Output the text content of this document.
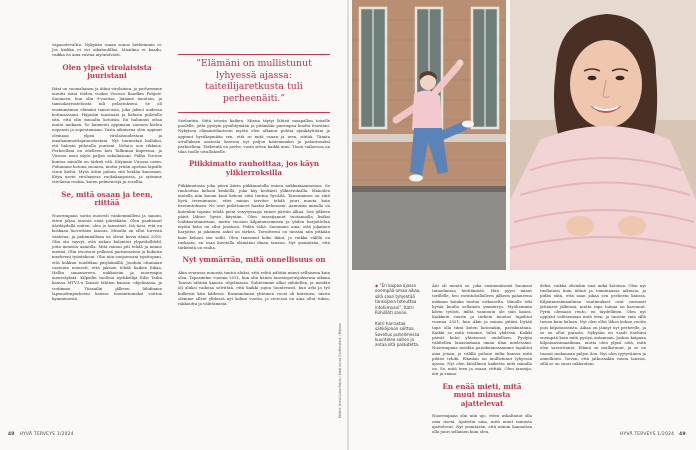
vapaaotevaltta. Nykyään osaan sanoa herkemmin ei. Jos kiekka ei ovi aikataulillisi. Maailma ei kaadu, vaikka en aina vastaa myöntävästi.

Olen ylpeä virolaisista juuristani

Itäni on suomalainen ja äitini virolainen, ja perheemme muutti isäni töiden vuoksi Virossa Baudkin Pohjois-Suomeen, kun olin 9-vuotias. Jäimme muutoin, ja tansiokarrusteluista tuli pelastukseni. Se oli ensimmäinen elämäni tanssi-asia, joka jaksoi uudessa kotimaassani. Häpeäin taustaani ja halusin piilotella sitä, että olin muualta kotoisin. En halunnut ottaa muita mukaan. Se kaimenti oppimaan suomen kielen nopeasti ja sopeutumaan. Vasta aikuisena olen oppinut olemaan ylpeä virolaisuudestani ja maahanmuuttajataustastani. Nyt tunnustan hulluksi, etä halusin piilotella juuriani. Neha'n oon rikkaus. Perheelläni on edelleen koti Tallinnan kupeessa, ja Virossa asuu myös paljon sukulaisiani. Pidän Virossa kuntoa minulla on tärkeä väli. Käymme Virossa usein. Puhumme kotona suomea, mutta yritän opettaa lapsille viron kieltä. Myös äitini puhuu sitä heidän kanssaan. Käyn usein virolaisissa ruokakaupoissa, ja syömme virolaisia ruokia, kuten pelmeneejä ja rosollia.

Se, mitä osaan ja teen, riittää

Nuorempana soitin monesti vanhemmilleni ja sanoin, etten jaksa tanssia enää päiväkään. Olen paahtanut ääritäydellä eniten, olen jo tanssinut. Isä tiesi, että en koskaan luovuttaisi tanssia. Minulla on ollut hirveän vaativaa, ja pahimmillaan ne olivat kovia ääniä 2018. Olin oin vayvyt, että nukun kalenteri ylipatdelldeld, jotta menisin aamulla. Mitä minun piti tehdä ja minne mennä. Olin ewoisuut pelkissä paritanssissa ja hukutin murheeni työntekoon. Olin niin suojaessani tsjattopani, että hukkun tuuditkan pärjäämällä. Jouduin ottamaan vastuuta monesti, että jaksoin tehdä kaiken liikaa. Hallin sanamoreen, nukkuisiin ja nuorempia menestyksiä. Kilpailin tuolloin nyrkkeilijä Edis Tailin kanssa MTV3:n Tanssii tähtien kanssa -ohjelmassa, ja voitimme. Tiiasailin jälkeen lähdimme lapsuudenperheeni kanssa tuomattomaksi voittoa kymmenestä.

”Elämäni on mullistunut lyhyessä ajassa: taiteilijaretkusta tuli perheenäiti.”

Seelantiin. Siitä irtosin kaiken. Minun täytyi lähteä maapallon toiselle puolelle, jotta pystyin pysähtymään ja pitämään parempaa huolta itsestäni. Nykyisen elämäntilanteeni myötä olen alkanut pohtia ajankäyttöäni ja oppinut hyväksymään sen, että se mitä osaan ja teen, riittää. Tämän oivalluksen ansiosta kasvoin nyt paljon kauemmaksi ja palautuvaksi perheelleni. Tärkeintä on perhe, vasta sitten kaikki muu. Tässä vaiheessa on tilaa tuolle oivallukselle.

Piikkimatto rauhoittaa, jos käyn ylikierroksilla

Piikkimatosta joka päivä kiirin piikkimatolla ennen nukkumaanmenoa. Se rauhoittaa kehoni keskellä, joka käy herkästi ylikierroksilla. Makoilen matolla niin kauan kuin kehoni siitä tuntuu hyvältä. Tanssiminen on siitä hyvä treenimuoto, ettei minun tarvitse tehdä juuri muuta kuin itsetuntokseni. Ne ovat piilottuneet haaksi kehossani. Aamuisin minulla on kutenkin tapana tehdä pieni venytyssarja ennen päivän alkua. Sen jälkeen päivä lähtee hyvin käyntiin. Olen tanssijannut tuotannolla lisäksi loukkaantumistani, mutta vuosien kilpatanssimisen ja yhden harjoittelun myötä keho on ollut joustava. Pidän väliä. Sanomme aina, että jokainen harjoitus ja jokainen askel on tärkeä. Tavoitteeni on tanssia niin pitkään kuin kehoni sen sallii. Olen tanssinut koko ikäni, ja vaikka välillä on raskasta, en osaa kuvitella elämääni ilman tanssia. Nyt ymmärrän, että tärkeintä on rauha.

Nyt ymmärrän, mitä onnellisuus on

Akin seurassa minusta tuntui aluksi, että rehtä nähtiin minut sellaisena kuin olen. Tapasimme vuonna 2021, kun olin hänen tanssiopetusjaksonsa aikana Tanssii tähtien kanssa -ohjelmassa. Suhteemme alkoi vähitellen, ja meidän oli aluksi vaikeaa selvittää, että kaikki sujuu luontevasti, kun arki ja työ kulkevat käsi kädessä. Ensimmäinen yhteinen vuosi oli kiireinen, mutta olemme olleet yhdessä nyt kolme vuotta, ja vieressä on aina ollut tukea, rakkautta ja välittämistä.

48 HYVÄ TERVEYS 1/2024
Meikki: Jenna Luisa Pajula / Keiot kuvat Shutterstock / Mainos
◆ ”En kaipaa ajassa enempää omaa aikaa, sillä saan tyhjentää tanssijana toteuttaa intohimoani”, Katri Riihilähti sanoo.

Katri harrastaa sähköjonon soittoa. Sovellus puhelimessa kuuntelee soiton ja antaa sitä palautetta.

Äiti oli mentä se, joka ensimmäisenä huomasi tunnelmissa heittämistä. Hän pyysi minut torillelle, heo ravintoloillalleen jälkeen palaneena mukaan kuinka tuntuu erikoiselta. Minulle teki hyvää kuulla sellainen ymmärrys. Myöhemmin kävin tytösti, miltä vannonin ole niin kauas. Kaikkein suurin ja tärkein muutos tapahtui vuonna 2021, kun Akin ja minun pitäisi löytää tapa olla tiimi kuten kotonakin, pariskuntana. Kaikki se mitä teimme, tulisi yhdessä. Kaikki päivät kului yhteisessä uudelleen. Pystyin vähitellen lunastamaan oman tilan mielessäni. Nuorempana meidän pariskunnassamme tapahtui aina jotain, ja välillä puhuin äidin kanssa mitä pitäisi tehdä. Elämäni on mullistunut lyhyessä ajassa. Nyt olen kiitollinen kaikesta mitä minulla on. Se, mitä teen ja osaan, riittää. Olen tanssija, äiti ja vaimo.

En enää mieti, mitä muut minusta ajattelevat

Nuorempana olin niin ujo, etten uskaltanut olla oma itseni. Ajattelin aina, mitä muut minusta ajattelevat. Nyt ymmärrän, että minun kannattaa olla juuri sellainen kuin olen.

deksi, vaikka olisinkin sinä mikä kotoisin. Olen nyt tuollainen kuin äitinä ja toiminnassa aikuisia, ja pidän siitä, että saan jakaa sen perheeni kanssa. Kilpatanssimaailman vaatimukset ovat varmasti jättäneet jälkensä, mutta tapa toimia on kasvanut. Pyrin olemaan rento, en täydellinen. Olen nyt oppinut valitsemaan mitä teen, ja tanssin vain sillä tavoin kuin haluan. Nyt olen ollut lähes kolme vuotta pois kilpatanssista. Aikaa on jäänyt nyt perheelle, ja se on ollut parasta. Nykyään en vaadi itseltäni enempää kuin mitä pystyn antamaan. Joskus kaipaan kilpatanssimaailmaa, mutta olen ylpeä siitä, mitä olen saavuttanut. Elämä on mullistunut, ja se on tuonut mukanaan paljon iloa. Nyt olen tyytyväinen ja onnellinen. Toivon, että jatkossakin voisin tanssia, sillä se on suuri rakkauteni.

HYVÄ TERVEYS 1/2024 49
